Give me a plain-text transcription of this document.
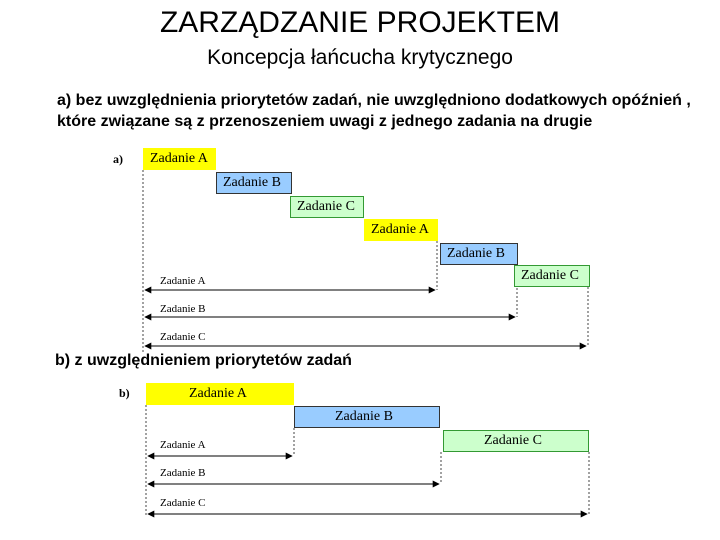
ZARZĄDZANIE PROJEKTEM
Koncepcja łańcucha krytycznego
a) bez uwzględnienia priorytetów zadań, nie uwzględniono dodatkowych opóźnień , które związane są z przenoszeniem uwagi z jednego zadania na drugie
a)	Zadanie A
Zadanie B
Zadanie C
Zadanie A
Zadanie B
Zadanie C
Zadanie A
Zadanie B
Zadanie C
b) z uwzględnieniem priorytetów zadań
b)	Zadanie A
Zadanie B
Zadanie C
Zadanie A
Zadanie B
Zadanie C
